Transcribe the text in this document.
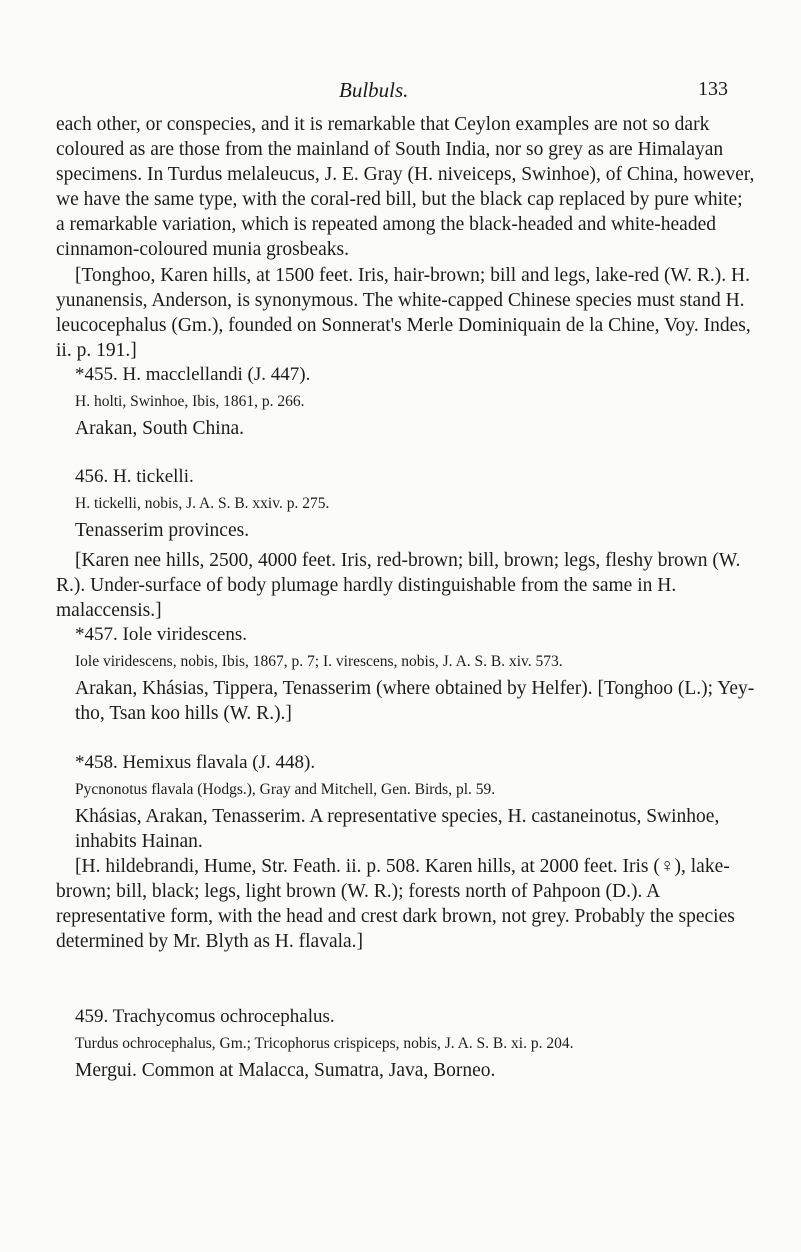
Bulbuls.	133
each other, or conspecies, and it is remarkable that Ceylon examples are not so dark coloured as are those from the mainland of South India, nor so grey as are Himalayan specimens. In Turdus melaleucus, J. E. Gray (H. niveiceps, Swinhoe), of China, however, we have the same type, with the coral-red bill, but the black cap replaced by pure white; a remarkable variation, which is repeated among the black-headed and white-headed cinnamon-coloured munia grosbeaks.
[Tonghoo, Karen hills, at 1500 feet. Iris, hair-brown; bill and legs, lake-red (W. R.). H. yunanensis, Anderson, is synonymous. The white-capped Chinese species must stand H. leucocephalus (Gm.), founded on Sonnerat's Merle Dominiquain de la Chine, Voy. Indes, ii. p. 191.]
*455. H. macclellandi (J. 447).
H. holti, Swinhoe, Ibis, 1861, p. 266.
Arakan, South China.
456. H. tickelli.
H. tickelli, nobis, J. A. S. B. xxiv. p. 275.
Tenasserim provinces.
[Karen nee hills, 2500, 4000 feet. Iris, red-brown; bill, brown; legs, fleshy brown (W. R.). Under-surface of body plumage hardly distinguishable from the same in H. malaccensis.]
*457. Iole viridescens.
Iole viridescens, nobis, Ibis, 1867, p. 7; I. virescens, nobis, J. A. S. B. xiv. 573.
Arakan, Khásias, Tippera, Tenasserim (where obtained by Helfer). [Tonghoo (L.); Yey-tho, Tsan koo hills (W. R.).]
*458. Hemixus flavala (J. 448).
Pycnonotus flavala (Hodgs.), Gray and Mitchell, Gen. Birds, pl. 59.
Khásias, Arakan, Tenasserim. A representative species, H. castaneinotus, Swinhoe, inhabits Hainan.
[H. hildebrandi, Hume, Str. Feath. ii. p. 508. Karen hills, at 2000 feet. Iris (♀), lake-brown; bill, black; legs, light brown (W. R.); forests north of Pahpoon (D.). A representative form, with the head and crest dark brown, not grey. Probably the species determined by Mr. Blyth as H. flavala.]
459. Trachycomus ochrocephalus.
Turdus ochrocephalus, Gm.; Tricophorus crispiceps, nobis, J. A. S. B. xi. p. 204.
Mergui. Common at Malacca, Sumatra, Java, Borneo.
